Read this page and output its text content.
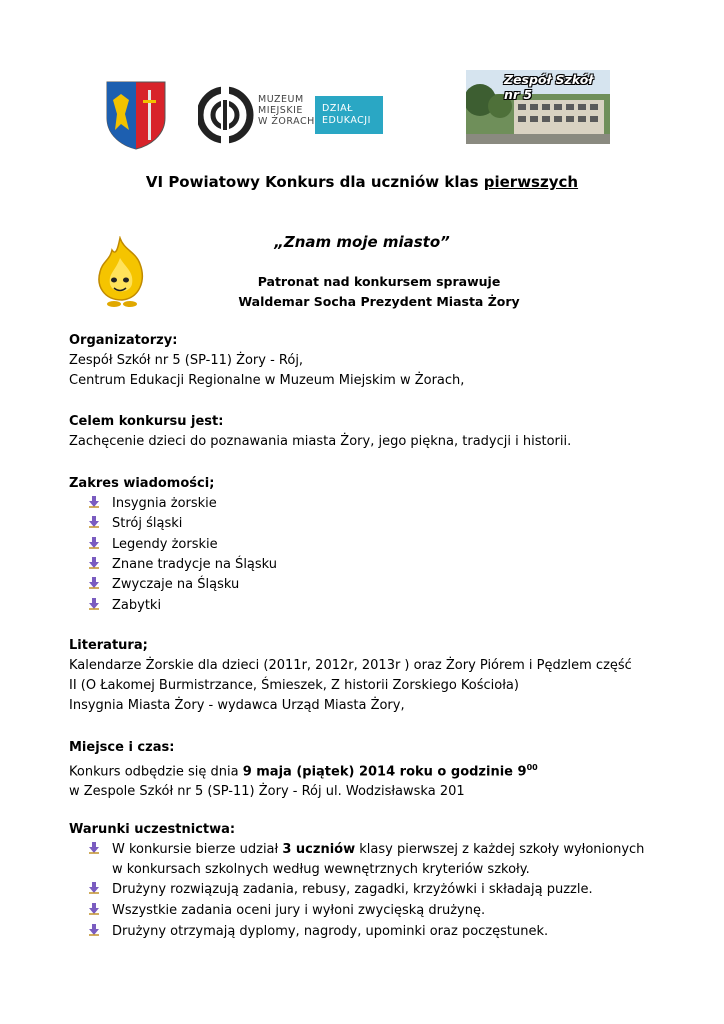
MUZEUM
MIEJSKIE
W ŻORACH
DZIAŁ
EDUKACJI
Zespół Szkół nr 5
VI Powiatowy Konkurs dla uczniów klas pierwszych
„Znam moje miasto”
Patronat nad konkursem sprawuje
Waldemar Socha Prezydent Miasta Żory
Organizatorzy:
Zespół Szkół nr 5 (SP-11) Żory - Rój,
Centrum Edukacji Regionalne w Muzeum Miejskim w Żorach,
Celem konkursu jest:
Zachęcenie dzieci do poznawania miasta Żory, jego piękna, tradycji i historii.
Zakres wiadomości;
Insygnia żorskie
Strój śląski
Legendy żorskie
Znane tradycje na Śląsku
Zwyczaje na Śląsku
Zabytki
Literatura;
Kalendarze Żorskie dla dzieci (2011r, 2012r, 2013r ) oraz Żory Piórem i Pędzlem część
II (O Łakomej Burmistrzance, Śmieszek, Z historii Zorskiego Kościoła)
Insygnia Miasta Żory - wydawca Urząd Miasta Żory,
Miejsce i czas:
Konkurs odbędzie się dnia 9 maja (piątek) 2014 roku o godzinie $9^{00}$
w Zespole Szkół nr 5 (SP-11) Żory - Rój ul. Wodzisławska 201
Warunki uczestnictwa:
W konkursie bierze udział 3 uczniów klasy pierwszej z każdej szkoły wyłonionych
w konkursach szkolnych według wewnętrznych kryteriów szkoły.
Drużyny rozwiązują zadania, rebusy, zagadki, krzyżówki i składają puzzle.
Wszystkie zadania oceni jury i wyłoni zwycięską drużynę.
Drużyny otrzymają dyplomy, nagrody, upominki oraz poczęstunek.
